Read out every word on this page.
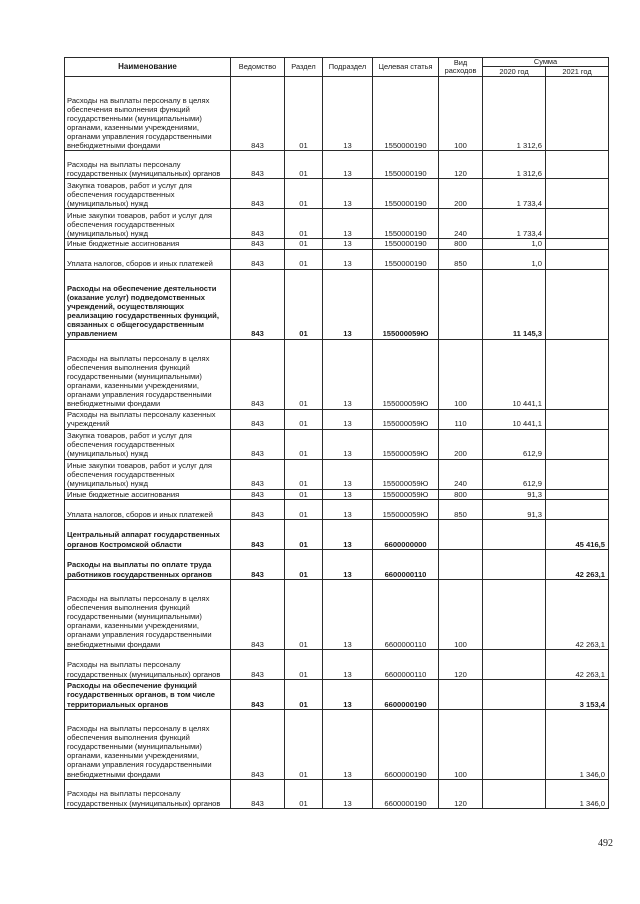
Наименование	Ведомство	Раздел	Подраздел	Целевая статья	Вид расходов	Сумма	
						2020 год	2021 год
Расходы на выплаты персоналу в целях обеспечения выполнения функций государственными (муниципальными) органами, казенными учреждениями, органами управления государственными внебюджетными фондами	843	01	13	1550000190	100	1 312,6	
Расходы на выплаты персоналу государственных (муниципальных) органов	843	01	13	1550000190	120	1 312,6	
Закупка товаров, работ и услуг для обеспечения государственных (муниципальных) нужд	843	01	13	1550000190	200	1 733,4	
Иные закупки товаров, работ и услуг для обеспечения государственных (муниципальных) нужд	843	01	13	1550000190	240	1 733,4	
Иные бюджетные ассигнования	843	01	13	1550000190	800	1,0	
Уплата налогов, сборов и иных платежей	843	01	13	1550000190	850	1,0	
Расходы на обеспечение деятельности (оказание услуг) подведомственных учреждений, осуществляющих реализацию государственных функций, связанных с общегосударственным управлением	843	01	13	155000059Ю		11 145,3	
Расходы на выплаты персоналу в целях обеспечения выполнения функций государственными (муниципальными) органами, казенными учреждениями, органами управления государственными внебюджетными фондами	843	01	13	155000059Ю	100	10 441,1	
Расходы на выплаты персоналу казенных учреждений	843	01	13	155000059Ю	110	10 441,1	
Закупка товаров, работ и услуг для обеспечения государственных (муниципальных) нужд	843	01	13	155000059Ю	200	612,9	
Иные закупки товаров, работ и услуг для обеспечения государственных (муниципальных) нужд	843	01	13	155000059Ю	240	612,9	
Иные бюджетные ассигнования	843	01	13	155000059Ю	800	91,3	
Уплата налогов, сборов и иных платежей	843	01	13	155000059Ю	850	91,3	
Центральный аппарат государственных органов Костромской области	843	01	13	6600000000			45 416,5
Расходы на выплаты по оплате труда работников государственных органов	843	01	13	6600000110			42 263,1
Расходы на выплаты персоналу в целях обеспечения выполнения функций государственными (муниципальными) органами, казенными учреждениями, органами управления государственными внебюджетными фондами	843	01	13	6600000110	100		42 263,1
Расходы на выплаты персоналу государственных (муниципальных) органов	843	01	13	6600000110	120		42 263,1
Расходы на обеспечение функций государственных органов, в том числе территориальных органов	843	01	13	6600000190			3 153,4
Расходы на выплаты персоналу в целях обеспечения выполнения функций государственными (муниципальными) органами, казенными учреждениями, органами управления государственными внебюджетными фондами	843	01	13	6600000190	100		1 346,0
Расходы на выплаты персоналу государственных (муниципальных) органов	843	01	13	6600000190	120		1 346,0
492
